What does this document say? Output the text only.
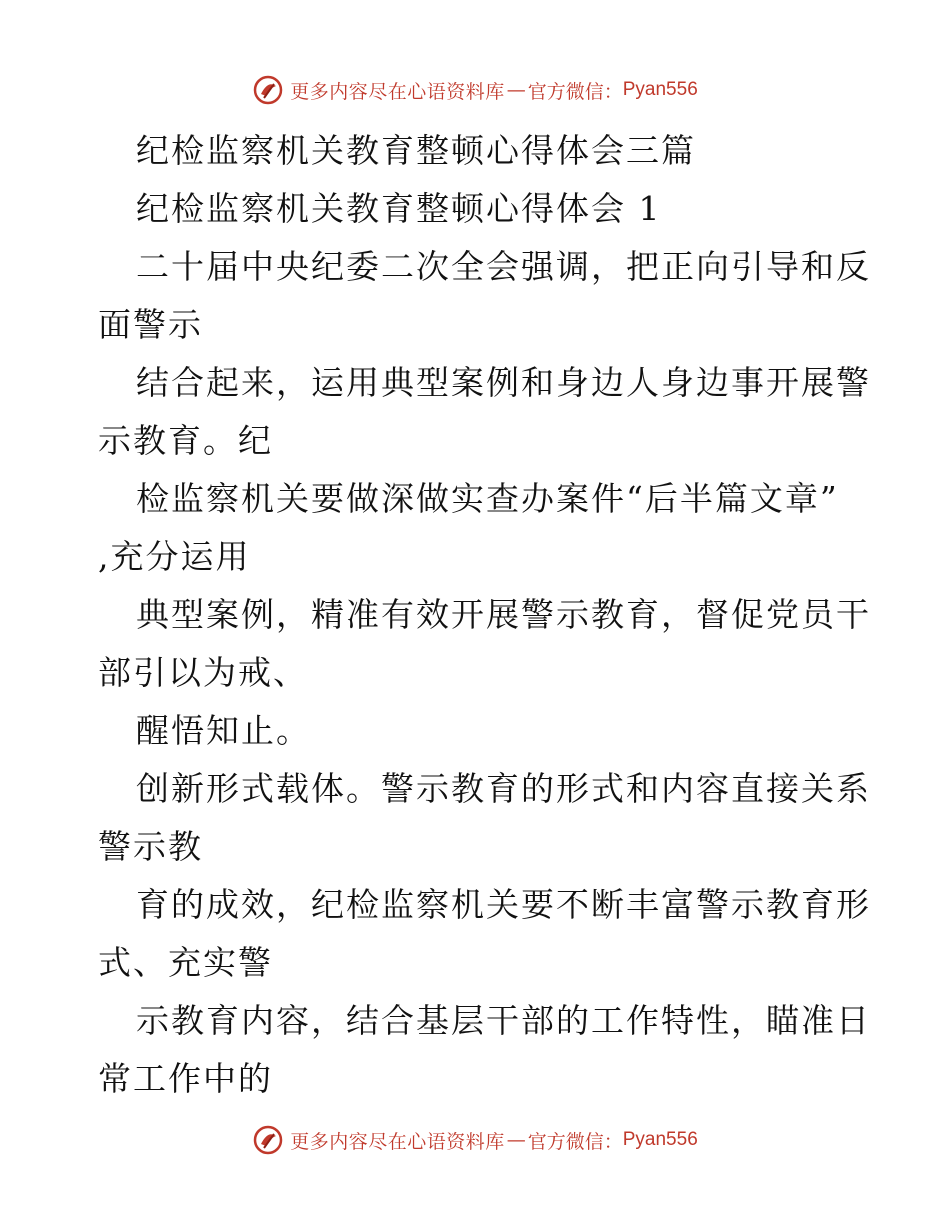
更多内容尽在心语资料库 — 官方微信： Pyan556
纪检监察机关教育整顿心得体会三篇
纪检监察机关教育整顿心得体会 1
二十届中央纪委二次全会强调，把正向引导和反
面警示
结合起来，运用典型案例和身边人身边事开展警
示教育。纪
检监察机关要做深做实查办案件“后半篇文章”
,充分运用
典型案例，精准有效开展警示教育，督促党员干
部引以为戒、
醒悟知止。
创新形式载体。警示教育的形式和内容直接关系
警示教
育的成效，纪检监察机关要不断丰富警示教育形
式、充实警
示教育内容，结合基层干部的工作特性，瞄准日
常工作中的
更多内容尽在心语资料库 — 官方微信： Pyan556
